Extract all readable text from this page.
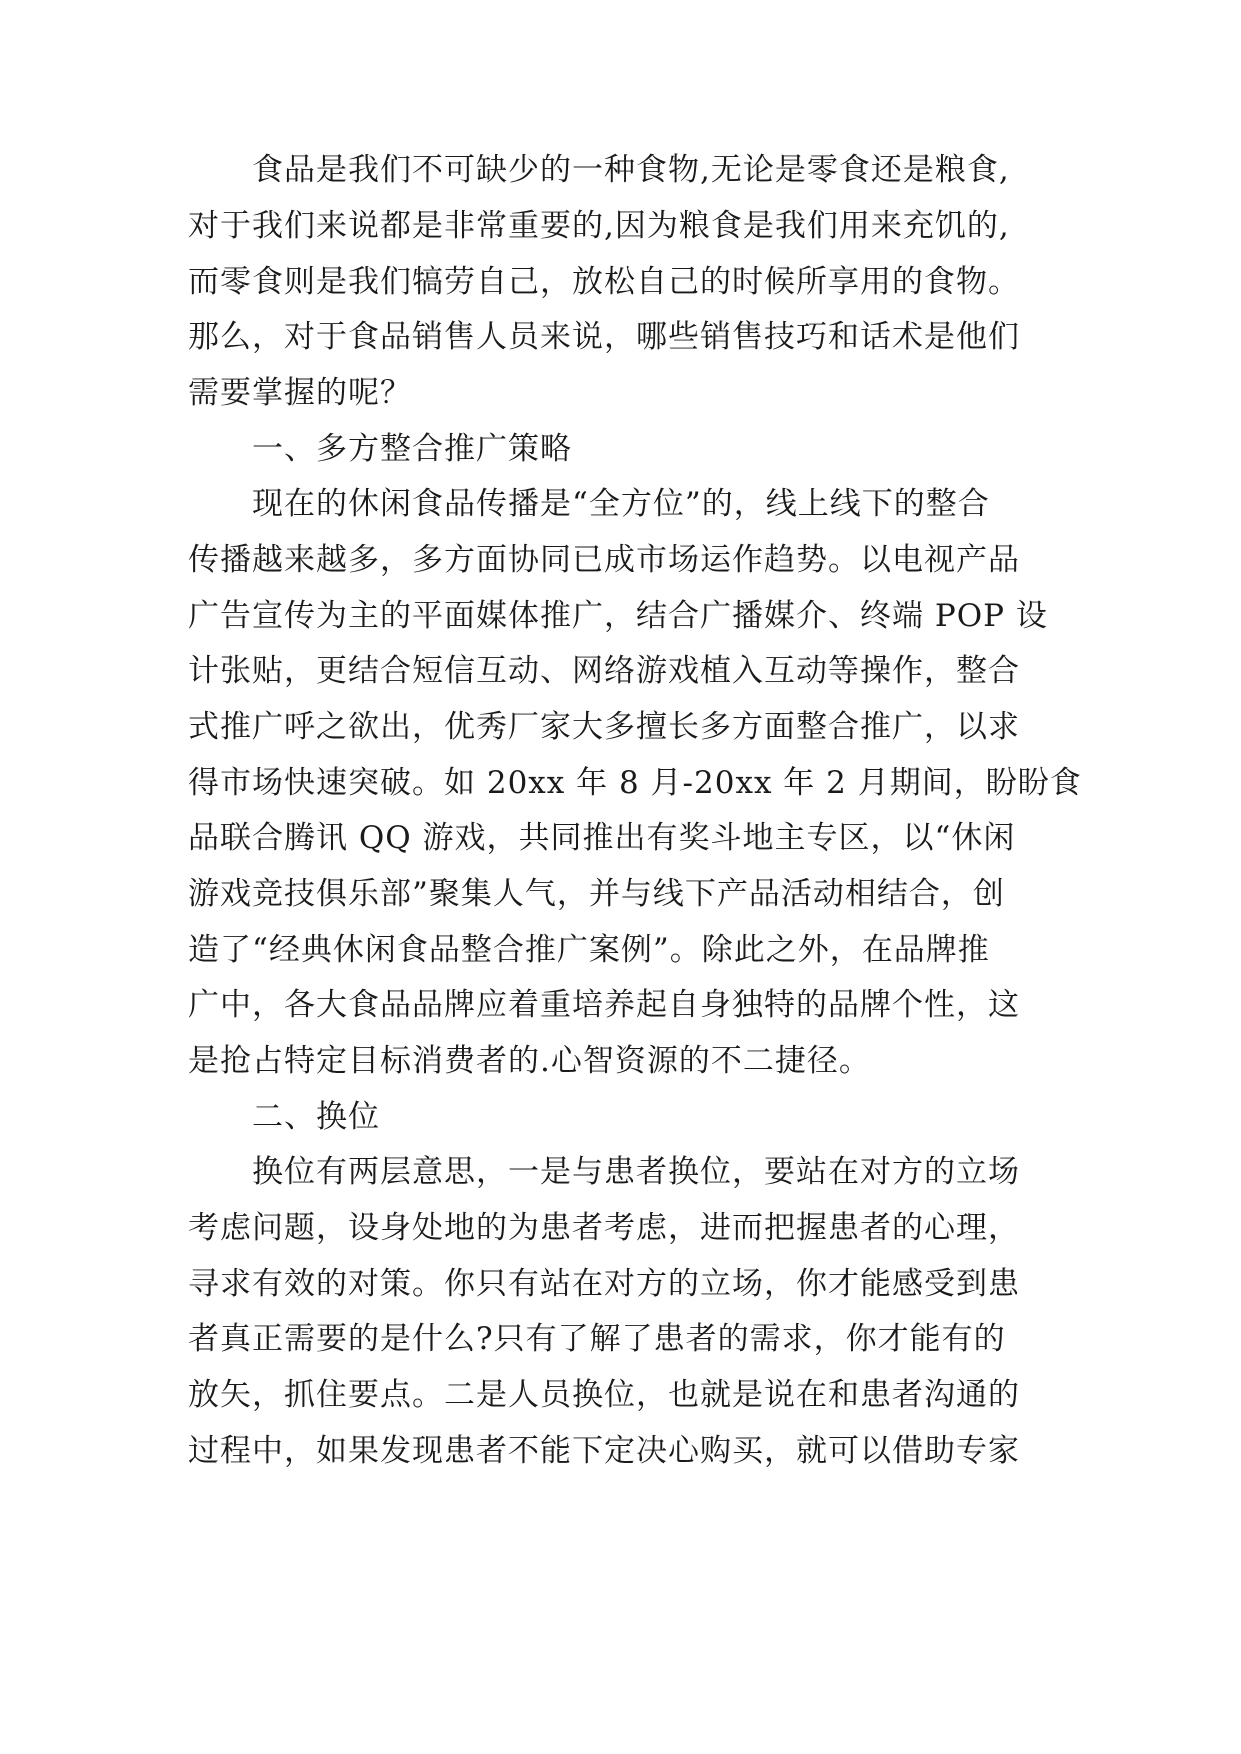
食品是我们不可缺少的一种食物,无论是零食还是粮食,
对于我们来说都是非常重要的,因为粮食是我们用来充饥的,
而零食则是我们犒劳自己，放松自己的时候所享用的食物。
那么，对于食品销售人员来说，哪些销售技巧和话术是他们
需要掌握的呢？
一、多方整合推广策略
现在的休闲食品传播是“全方位”的，线上线下的整合
传播越来越多，多方面协同已成市场运作趋势。以电视产品
广告宣传为主的平面媒体推广，结合广播媒介、终端 POP 设
计张贴，更结合短信互动、网络游戏植入互动等操作，整合
式推广呼之欲出，优秀厂家大多擅长多方面整合推广，以求
得市场快速突破。如 20xx 年 8 月-20xx 年 2 月期间，盼盼食
品联合腾讯 QQ 游戏，共同推出有奖斗地主专区，以“休闲
游戏竞技俱乐部”聚集人气，并与线下产品活动相结合，创
造了“经典休闲食品整合推广案例”。除此之外，在品牌推
广中，各大食品品牌应着重培养起自身独特的品牌个性，这
是抢占特定目标消费者的.心智资源的不二捷径。
二、换位
换位有两层意思，一是与患者换位，要站在对方的立场
考虑问题，设身处地的为患者考虑，进而把握患者的心理，
寻求有效的对策。你只有站在对方的立场，你才能感受到患
者真正需要的是什么?只有了解了患者的需求，你才能有的
放矢，抓住要点。二是人员换位，也就是说在和患者沟通的
过程中，如果发现患者不能下定决心购买，就可以借助专家
